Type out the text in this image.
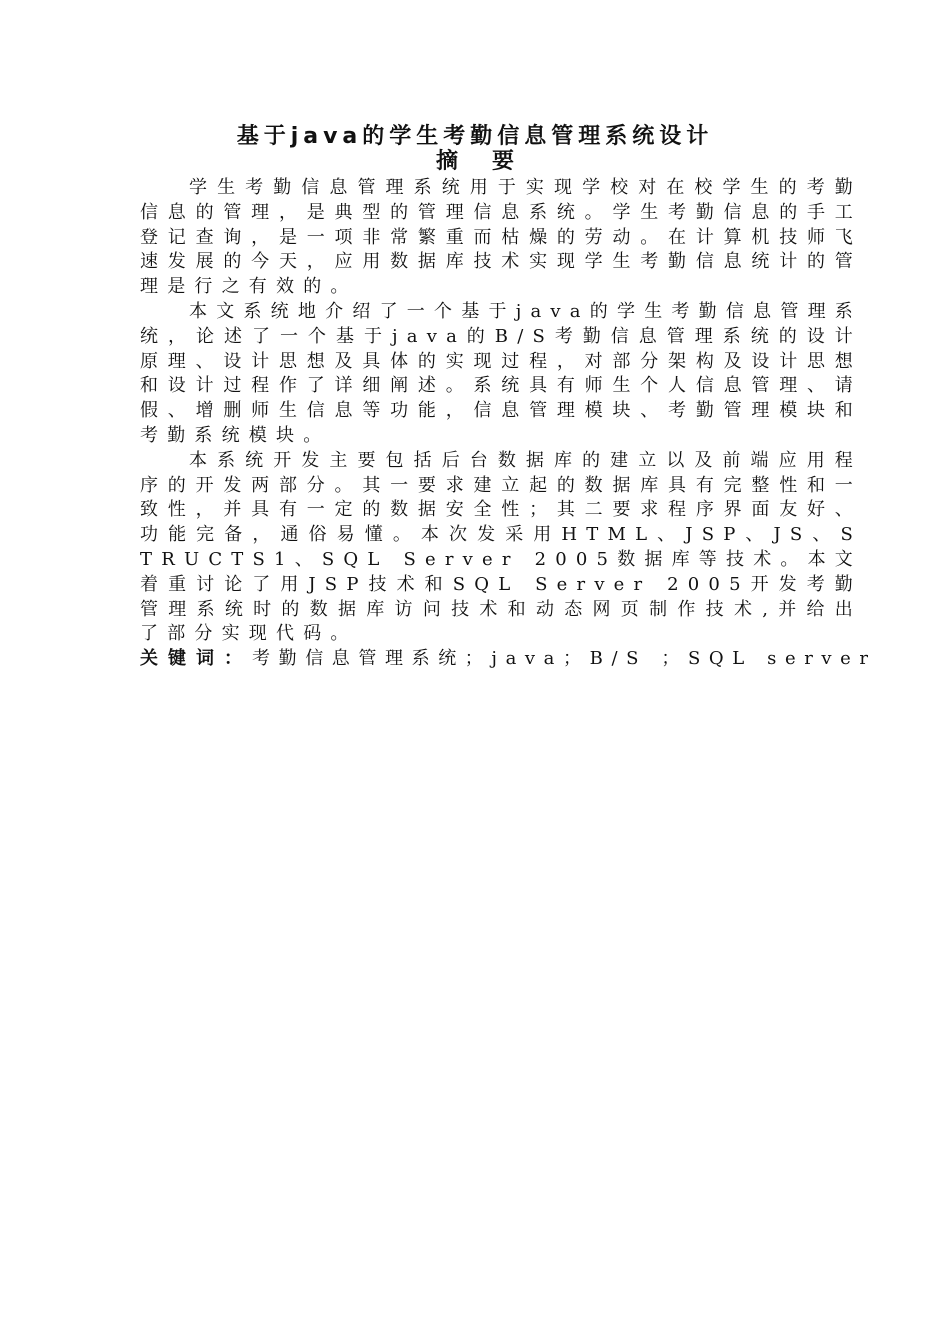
基于java的学生考勤信息管理系统设计
摘要

学生考勤信息管理系统用于实现学校对在校学生的考勤信息的管理，是典型的管理信息系统。学生考勤信息的手工登记查询，是一项非常繁重而枯燥的劳动。在计算机技师飞速发展的今天，应用数据库技术实现学生考勤信息统计的管理是行之有效的。

本文系统地介绍了一个基于java的学生考勤信息管理系统，论述了一个基于java的B/S考勤信息管理系统的设计原理、设计思想及具体的实现过程，对部分架构及设计思想和设计过程作了详细阐述。系统具有师生个人信息管理、请假、增删师生信息等功能，信息管理模块、考勤管理模块和考勤系统模块。

本系统开发主要包括后台数据库的建立以及前端应用程序的开发两部分。其一要求建立起的数据库具有完整性和一致性，并具有一定的数据安全性；其二要求程序界面友好、功能完备，通俗易懂。本次发采用HTML、JSP、JS、STRUCTS1、SQL Server 2005数据库等技术。本文着重讨论了用JSP技术和SQL Server 2005开发考勤管理系统时的数据库访问技术和动态网页制作技术,并给出了部分实现代码。

关键词：考勤信息管理系统；java；B/S ；SQL server
